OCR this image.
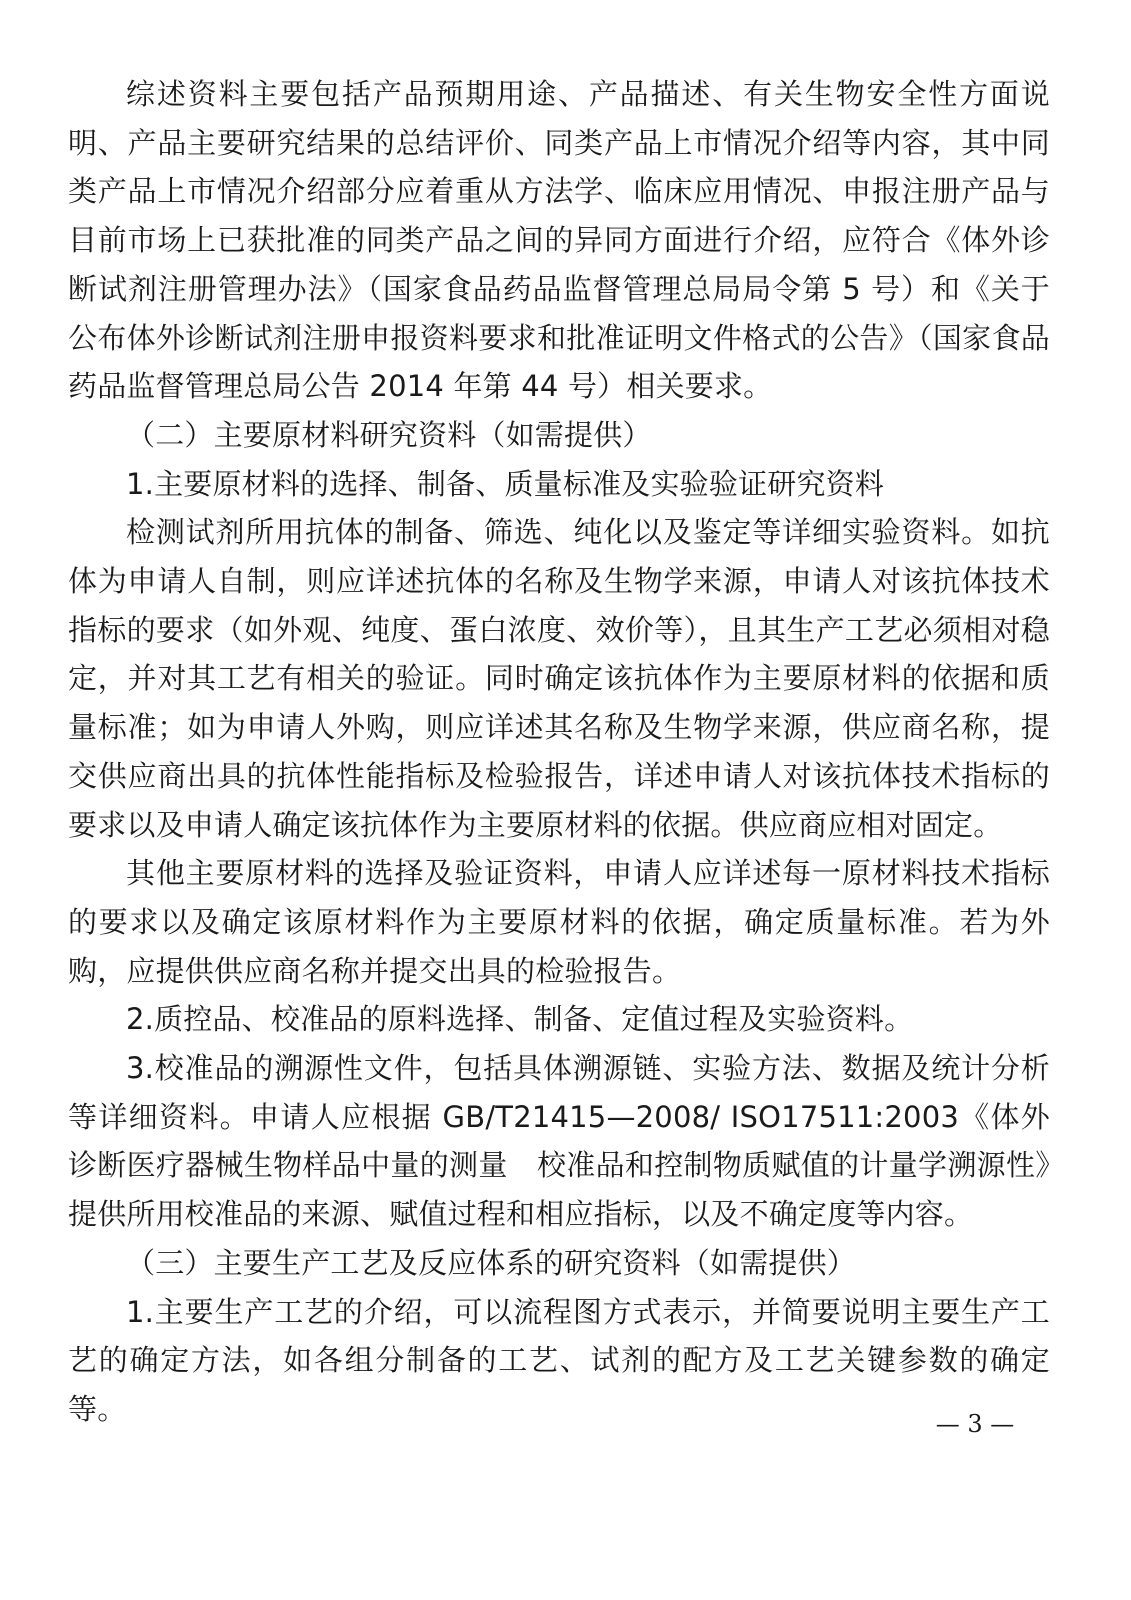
综述资料主要包括产品预期用途、产品描述、有关生物安全性方面说明、产品主要研究结果的总结评价、同类产品上市情况介绍等内容，其中同类产品上市情况介绍部分应着重从方法学、临床应用情况、申报注册产品与目前市场上已获批准的同类产品之间的异同方面进行介绍，应符合《体外诊断试剂注册管理办法》（国家食品药品监督管理总局局令第 5 号）和《关于公布体外诊断试剂注册申报资料要求和批准证明文件格式的公告》（国家食品药品监督管理总局公告 2014 年第 44 号）相关要求。

（二）主要原材料研究资料（如需提供）

1.主要原材料的选择、制备、质量标准及实验验证研究资料

检测试剂所用抗体的制备、筛选、纯化以及鉴定等详细实验资料。如抗体为申请人自制，则应详述抗体的名称及生物学来源，申请人对该抗体技术指标的要求（如外观、纯度、蛋白浓度、效价等），且其生产工艺必须相对稳定，并对其工艺有相关的验证。同时确定该抗体作为主要原材料的依据和质量标准；如为申请人外购，则应详述其名称及生物学来源，供应商名称，提交供应商出具的抗体性能指标及检验报告，详述申请人对该抗体技术指标的要求以及申请人确定该抗体作为主要原材料的依据。供应商应相对固定。

其他主要原材料的选择及验证资料，申请人应详述每一原材料技术指标的要求以及确定该原材料作为主要原材料的依据，确定质量标准。若为外购，应提供供应商名称并提交出具的检验报告。

2.质控品、校准品的原料选择、制备、定值过程及实验资料。

3.校准品的溯源性文件，包括具体溯源链、实验方法、数据及统计分析等详细资料。申请人应根据 GB/T21415—2008/ ISO17511:2003《体外诊断医疗器械生物样品中量的测量　校准品和控制物质赋值的计量学溯源性》提供所用校准品的来源、赋值过程和相应指标，以及不确定度等内容。

（三）主要生产工艺及反应体系的研究资料（如需提供）

1.主要生产工艺的介绍，可以流程图方式表示，并简要说明主要生产工艺的确定方法，如各组分制备的工艺、试剂的配方及工艺关键参数的确定等。	— 3 —
